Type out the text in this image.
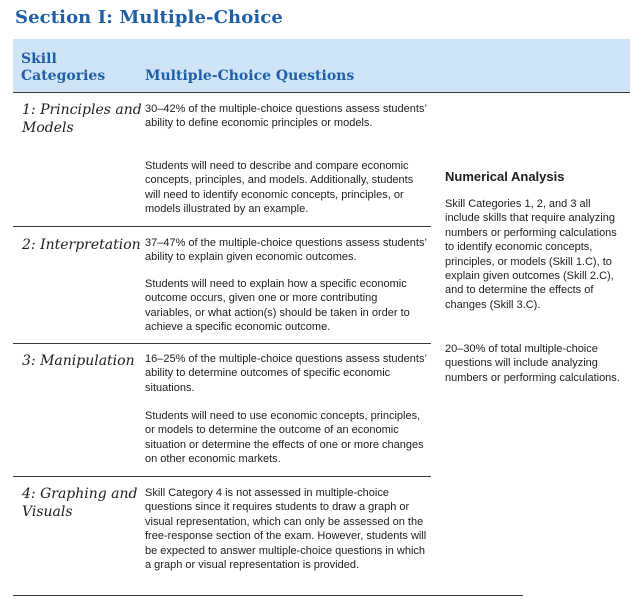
Section I: Multiple-Choice
Skill
Categories	Multiple-Choice Questions
1: Principles and
Models

30–42% of the multiple-choice questions assess students’ ability to define economic principles or models.

Students will need to describe and compare economic concepts, principles, and models. Additionally, students will need to identify economic concepts, principles, or models illustrated by an example.

2: Interpretation 37–47% of the multiple-choice questions assess students’ ability to explain given economic outcomes.

Students will need to explain how a specific economic outcome occurs, given one or more contributing variables, or what action(s) should be taken in order to achieve a specific economic outcome.

3: Manipulation 16–25% of the multiple-choice questions assess students’ ability to determine outcomes of specific economic situations.

Students will need to use economic concepts, principles, or models to determine the outcome of an economic situation or determine the effects of one or more changes on other economic markets.

4: Graphing and
Visuals

Skill Category 4 is not assessed in multiple-choice questions since it requires students to draw a graph or visual representation, which can only be assessed on the free-response section of the exam. However, students will be expected to answer multiple-choice questions in which a graph or visual representation is provided.

Numerical Analysis

Skill Categories 1, 2, and 3 all include skills that require analyzing numbers or performing calculations to identify economic concepts, principles, or models (Skill 1.C), to explain given outcomes (Skill 2.C), and to determine the effects of changes (Skill 3.C).

20–30% of total multiple-choice questions will include analyzing numbers or performing calculations.
